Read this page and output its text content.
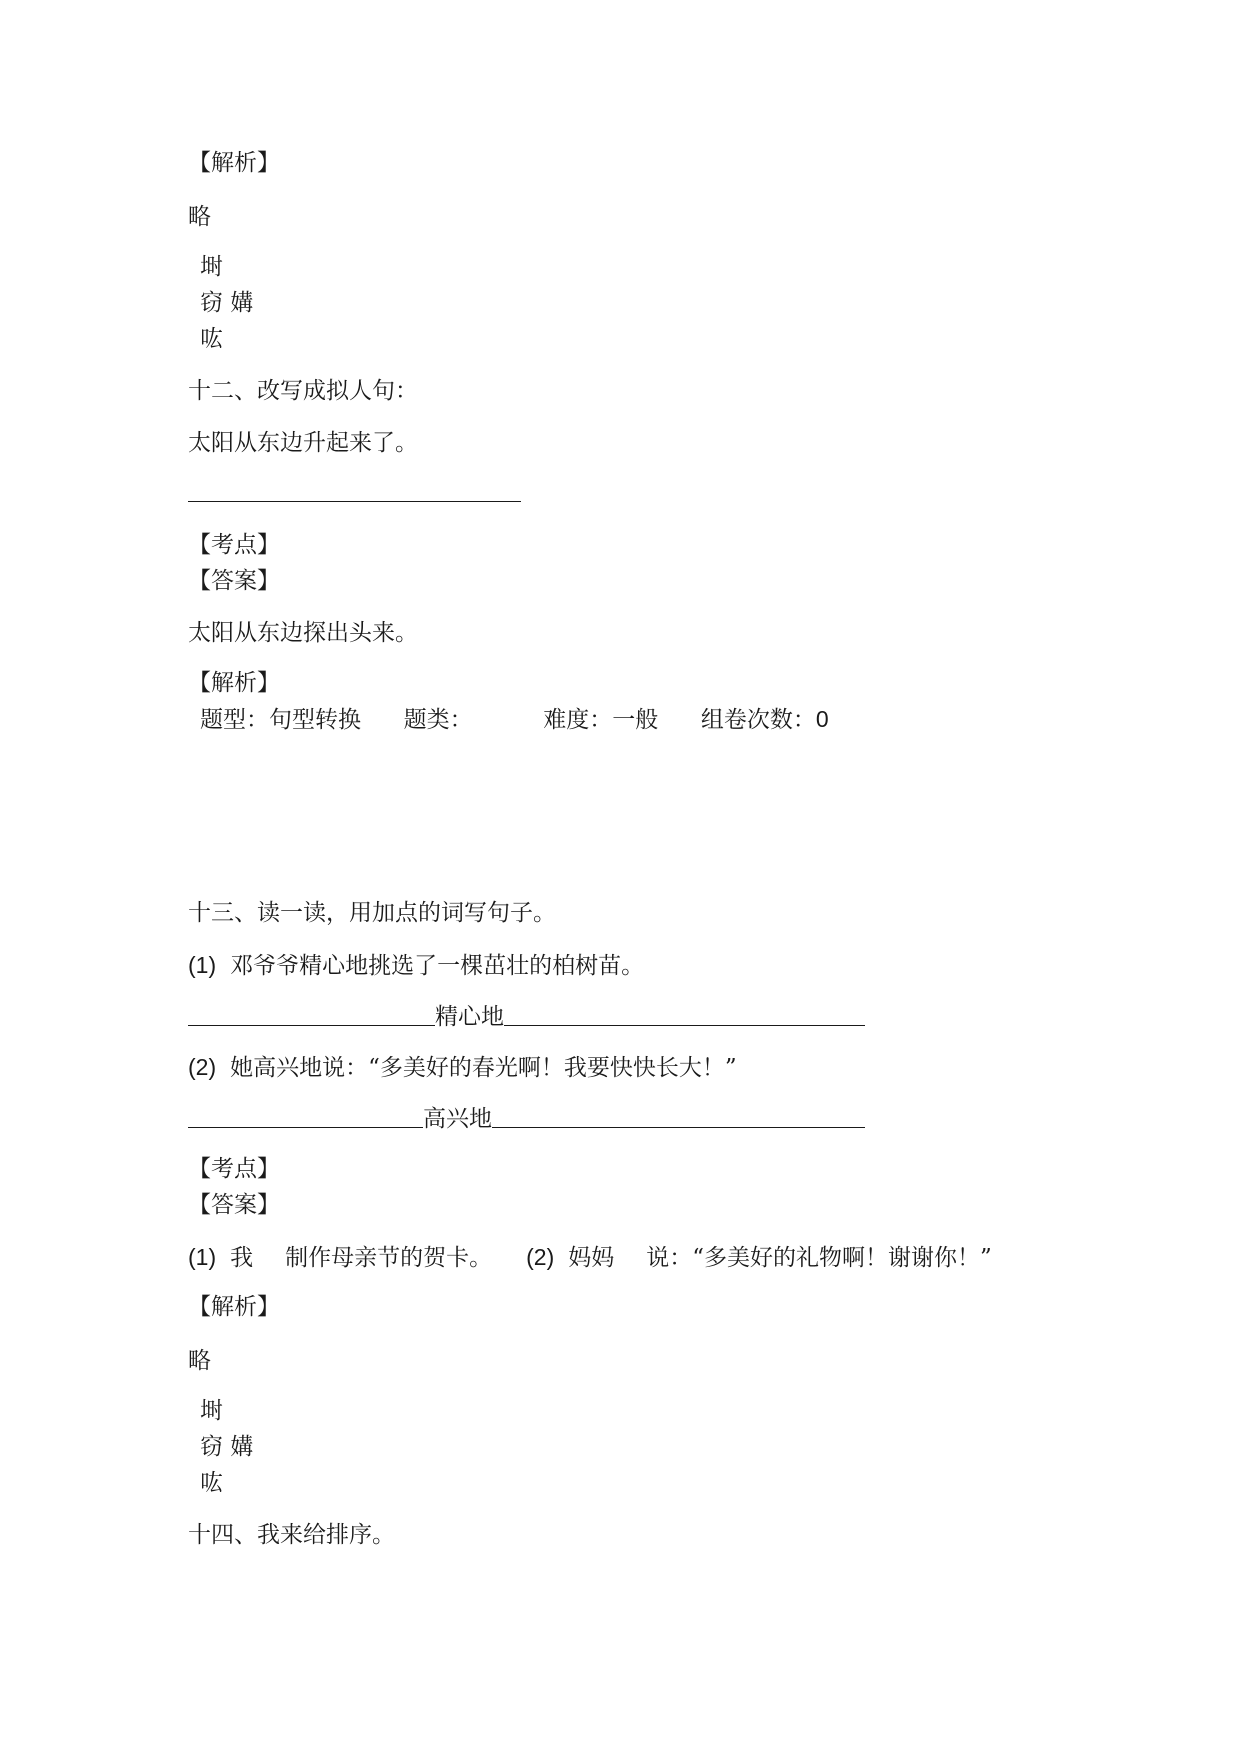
【解析】
略
埘
窃 媾
吰
十二、改写成拟人句：
太阳从东边升起来了。
【考点】
【答案】
太阳从东边探出头来。
【解析】
题型：句型转换 题类：	难度：一般 组卷次数：0
十三、读一读，用加点的词写句子。
(1) 邓爷爷精心地挑选了一棵茁壮的柏树苗。
精心地
(2) 她高兴地说：“多美好的春光啊！我要快快长大！”
高兴地
【考点】
【答案】
(1) 我 制作母亲节的贺卡。 (2) 妈妈 说：“多美好的礼物啊！谢谢你！”
【解析】
略
埘
窃 媾
吰
十四、我来给排序。
